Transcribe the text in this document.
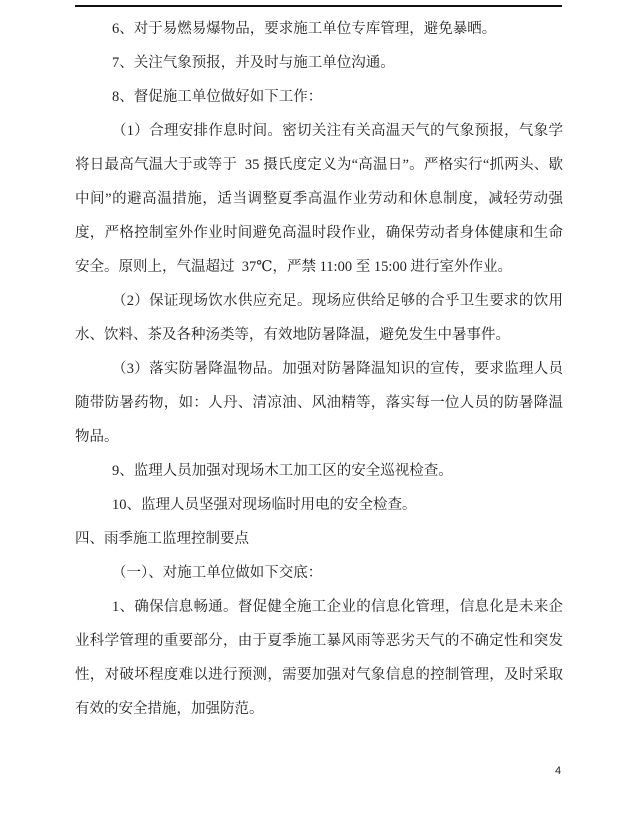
6、对于易燃易爆物品，要求施工单位专库管理，避免暴晒。

7、关注气象预报，并及时与施工单位沟通。

8、督促施工单位做好如下工作：

（1）合理安排作息时间。密切关注有关高温天气的气象预报，气象学将日最高气温大于或等于  35 摄氏度定义为“高温日”。严格实行“抓两头、歇中间”的避高温措施，适当调整夏季高温作业劳动和休息制度，减轻劳动强度，严格控制室外作业时间避免高温时段作业，确保劳动者身体健康和生命安全。原则上，气温超过  37℃，严禁 11:00 至 15:00 进行室外作业。

（2）保证现场饮水供应充足。现场应供给足够的合乎卫生要求的饮用水、饮料、茶及各种汤类等，有效地防暑降温，避免发生中暑事件。

（3）落实防暑降温物品。加强对防暑降温知识的宣传，要求监理人员随带防暑药物，如：人丹、清凉油、风油精等，落实每一位人员的防暑降温物品。

9、监理人员加强对现场木工加工区的安全巡视检查。

10、监理人员坚强对现场临时用电的安全检查。

四、雨季施工监理控制要点

（一）、对施工单位做如下交底：

1、确保信息畅通。督促健全施工企业的信息化管理，信息化是未来企业科学管理的重要部分，由于夏季施工暴风雨等恶劣天气的不确定性和突发性，对破坏程度难以进行预测，需要加强对气象信息的控制管理，及时采取有效的安全措施，加强防范。

4
